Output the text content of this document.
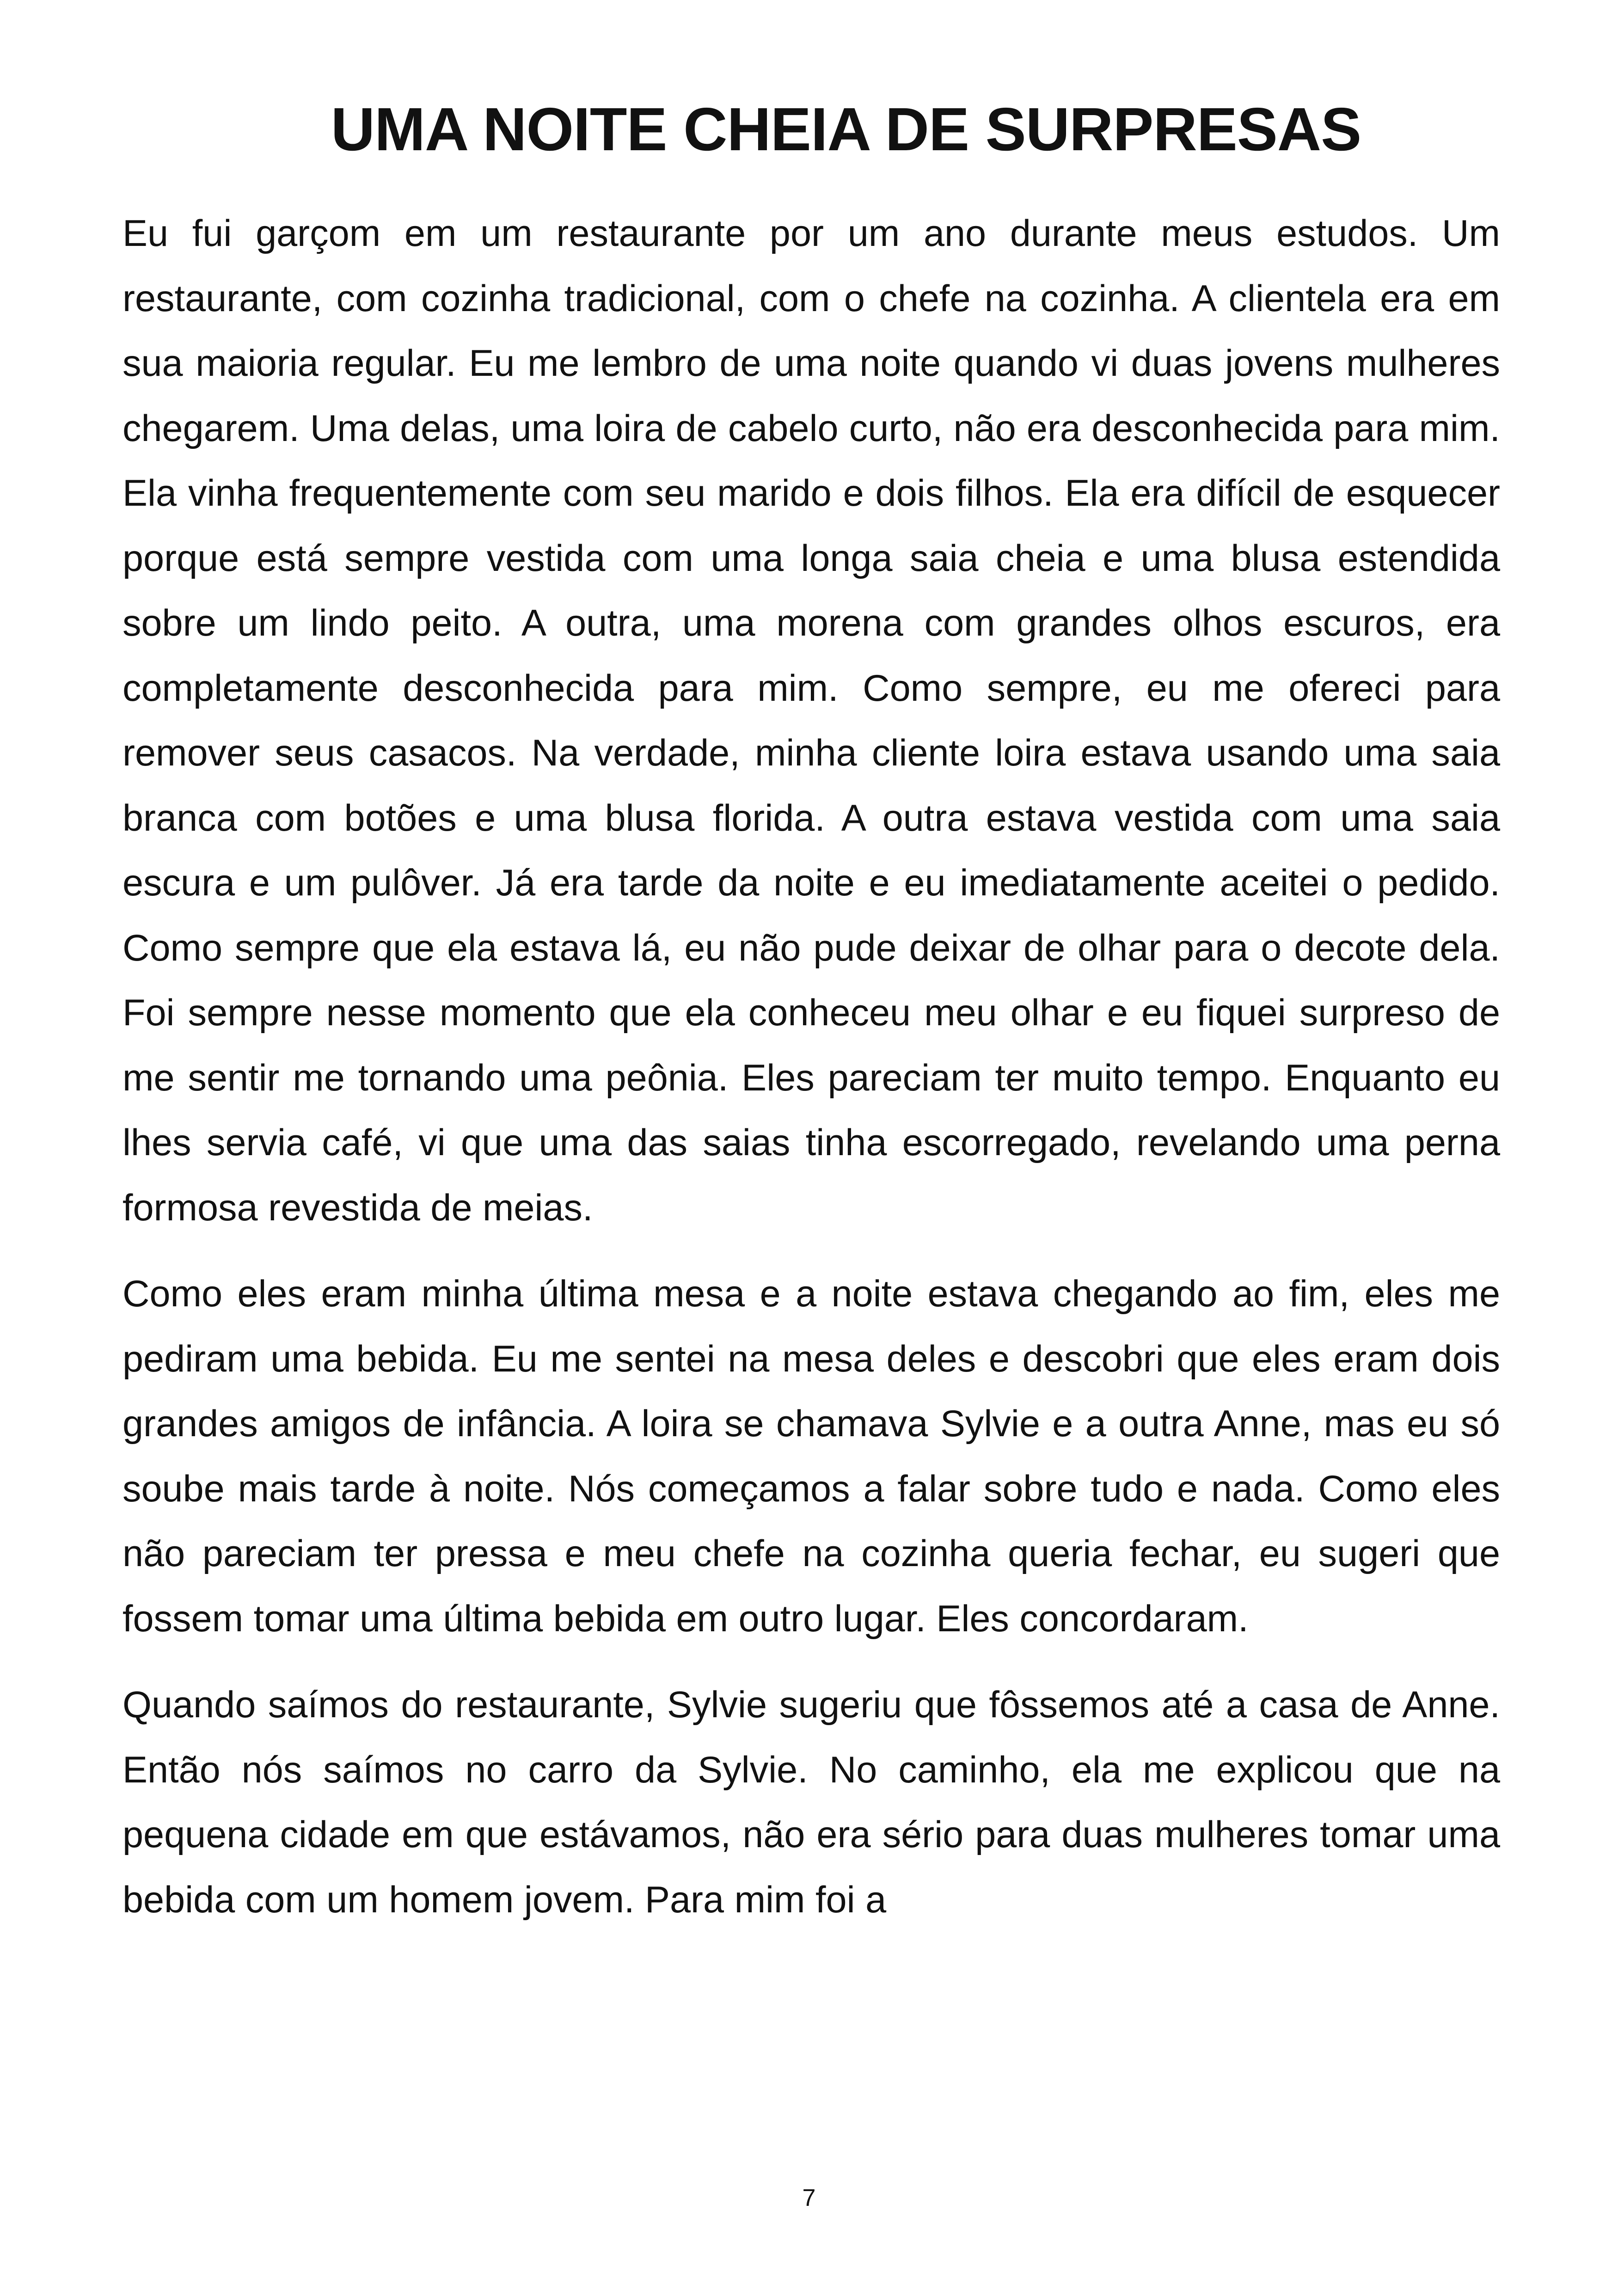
UMA NOITE CHEIA DE SURPRESAS

Eu fui garçom em um restaurante por um ano durante meus estudos. Um restaurante, com cozinha tradicional, com o chefe na cozinha. A clientela era em sua maioria regular. Eu me lembro de uma noite quando vi duas jovens mulheres chegarem. Uma delas, uma loira de cabelo curto, não era desconhecida para mim. Ela vinha frequentemente com seu marido e dois filhos. Ela era difícil de esquecer porque está sempre vestida com uma longa saia cheia e uma blusa estendida sobre um lindo peito. A outra, uma morena com grandes olhos escuros, era completamente desconhecida para mim. Como sempre, eu me ofereci para remover seus casacos. Na verdade, minha cliente loira estava usando uma saia branca com botões e uma blusa florida. A outra estava vestida com uma saia escura e um pulôver. Já era tarde da noite e eu imediatamente aceitei o pedido. Como sempre que ela estava lá, eu não pude deixar de olhar para o decote dela. Foi sempre nesse momento que ela conheceu meu olhar e eu fiquei surpreso de me sentir me tornando uma peônia. Eles pareciam ter muito tempo. Enquanto eu lhes servia café, vi que uma das saias tinha escorregado, revelando uma perna formosa revestida de meias.

Como eles eram minha última mesa e a noite estava chegando ao fim, eles me pediram uma bebida. Eu me sentei na mesa deles e descobri que eles eram dois grandes amigos de infância. A loira se chamava Sylvie e a outra Anne, mas eu só soube mais tarde à noite. Nós começamos a falar sobre tudo e nada. Como eles não pareciam ter pressa e meu chefe na cozinha queria fechar, eu sugeri que fossem tomar uma última bebida em outro lugar. Eles concordaram.

Quando saímos do restaurante, Sylvie sugeriu que fôssemos até a casa de Anne. Então nós saímos no carro da Sylvie. No caminho, ela me explicou que na pequena cidade em que estávamos, não era sério para duas mulheres tomar uma bebida com um homem jovem. Para mim foi a

7
